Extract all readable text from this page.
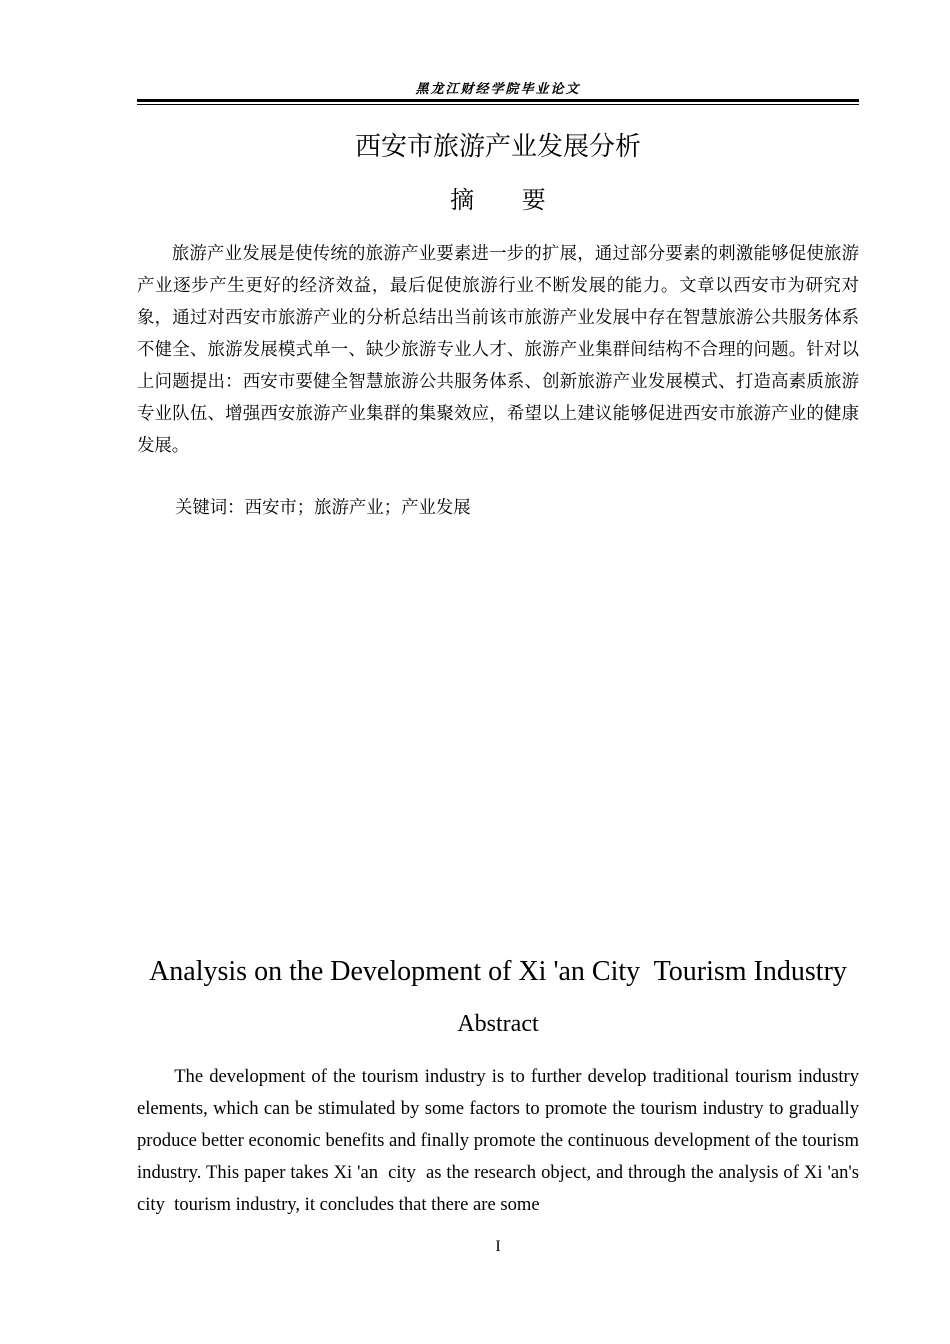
黑龙江财经学院毕业论文
西安市旅游产业发展分析
摘 要

旅游产业发展是使传统的旅游产业要素进一步的扩展，通过部分要素的刺激能够促使旅游产业逐步产生更好的经济效益，最后促使旅游行业不断发展的能力。文章以西安市为研究对象，通过对西安市旅游产业的分析总结出当前该市旅游产业发展中存在智慧旅游公共服务体系不健全、旅游发展模式单一、缺少旅游专业人才、旅游产业集群间结构不合理的问题。针对以上问题提出：西安市要健全智慧旅游公共服务体系、创新旅游产业发展模式、打造高素质旅游专业队伍、增强西安旅游产业集群的集聚效应，希望以上建议能够促进西安市旅游产业的健康发展。

关键词：西安市；旅游产业；产业发展
Analysis on the Development of Xi 'an City  Tourism Industry
Abstract

The development of the tourism industry is to further develop traditional tourism industry  elements, which can be stimulated by some factors to promote the tourism industry to gradually produce better economic benefits and finally promote the continuous development of the tourism industry. This paper takes Xi 'an  city  as the research object, and through the analysis of Xi 'an's  city  tourism industry, it concludes that there are some

I
